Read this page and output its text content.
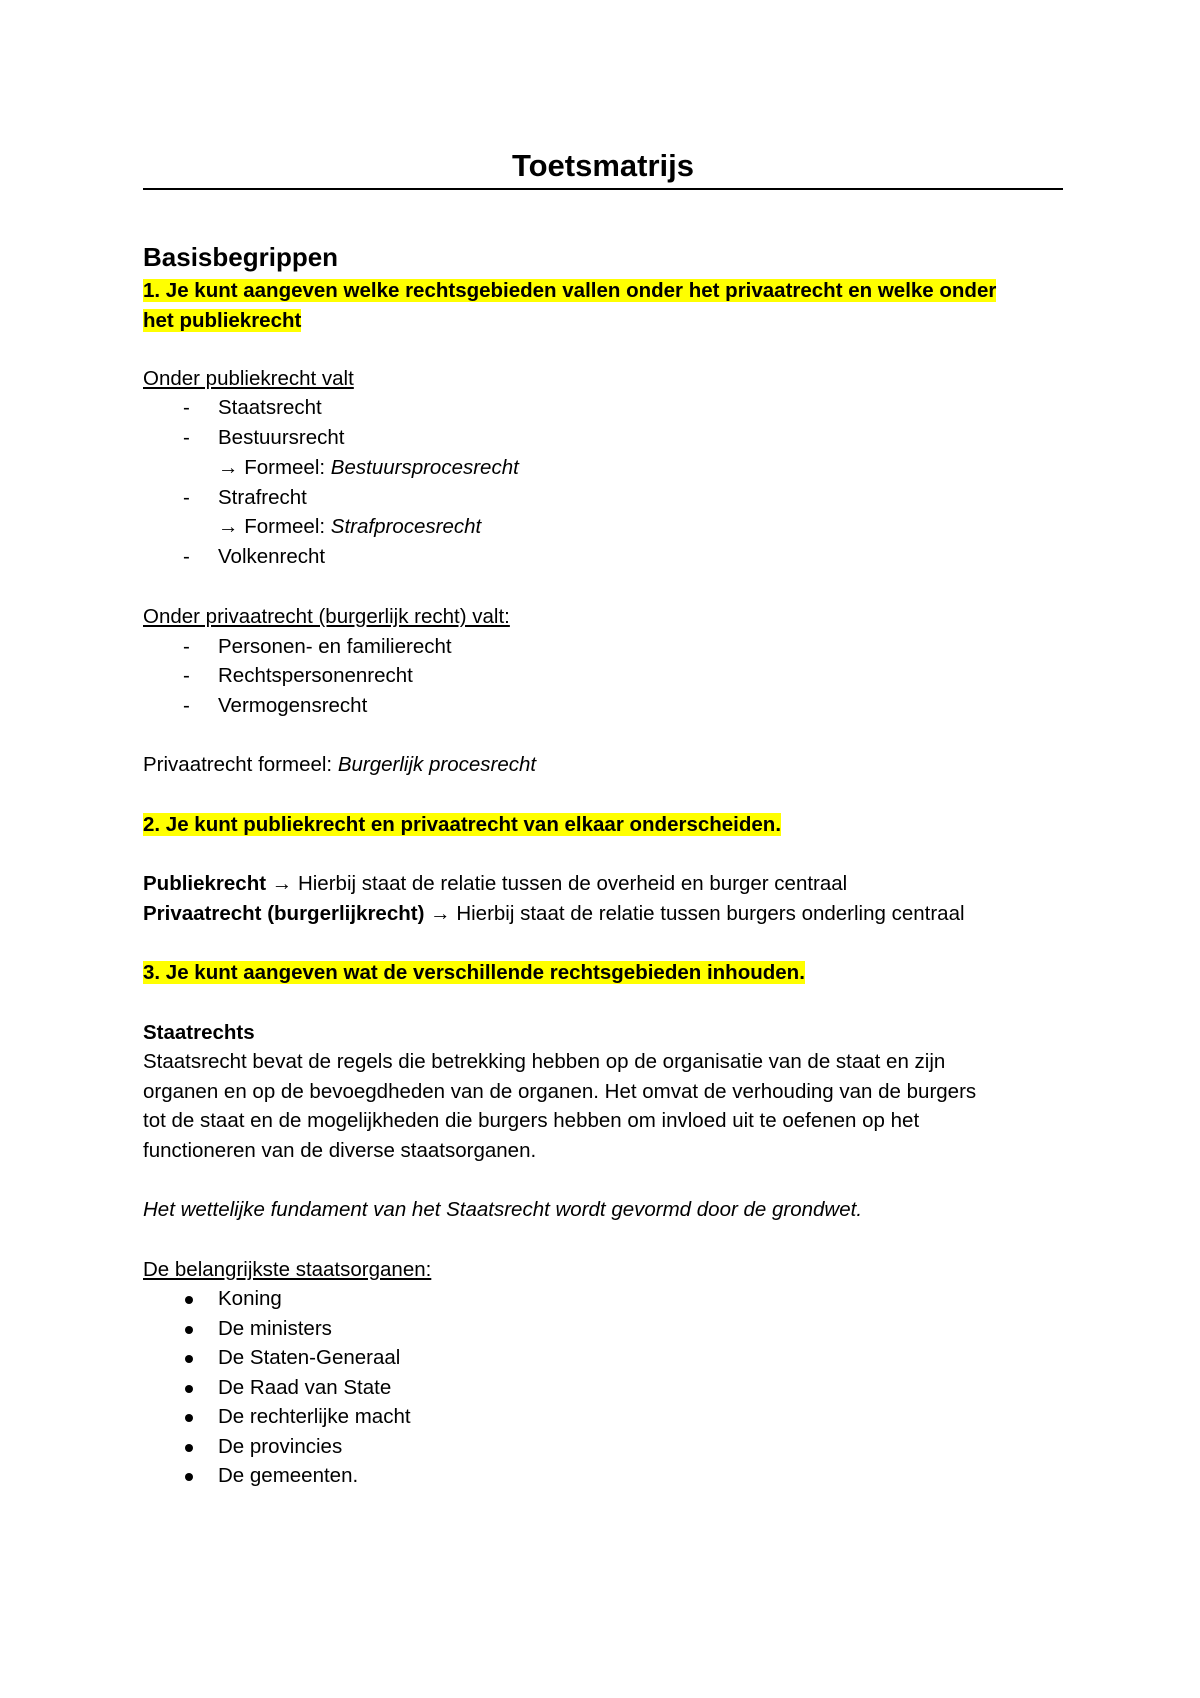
Toetsmatrijs
Basisbegrippen
1. Je kunt aangeven welke rechtsgebieden vallen onder het privaatrecht en welke onder
het publiekrecht
Onder publiekrecht valt
-	Staatsrecht
-	Bestuursrecht
→ Formeel: Bestuursprocesrecht
-	Strafrecht
→ Formeel: Strafprocesrecht
-	Volkenrecht
Onder privaatrecht (burgerlijk recht) valt:
-	Personen- en familierecht
-	Rechtspersonenrecht
-	Vermogensrecht
Privaatrecht formeel: Burgerlijk procesrecht
2. Je kunt publiekrecht en privaatrecht van elkaar onderscheiden.
Publiekrecht → Hierbij staat de relatie tussen de overheid en burger centraal
Privaatrecht (burgerlijkrecht) → Hierbij staat de relatie tussen burgers onderling centraal
3. Je kunt aangeven wat de verschillende rechtsgebieden inhouden.
Staatrechts
Staatsrecht bevat de regels die betrekking hebben op de organisatie van de staat en zijn
organen en op de bevoegdheden van de organen. Het omvat de verhouding van de burgers
tot de staat en de mogelijkheden die burgers hebben om invloed uit te oefenen op het
functioneren van de diverse staatsorganen.
Het wettelijke fundament van het Staatsrecht wordt gevormd door de grondwet.
De belangrijkste staatsorganen:
Koning
De ministers
De Staten-Generaal
De Raad van State
De rechterlijke macht
De provincies
De gemeenten.
